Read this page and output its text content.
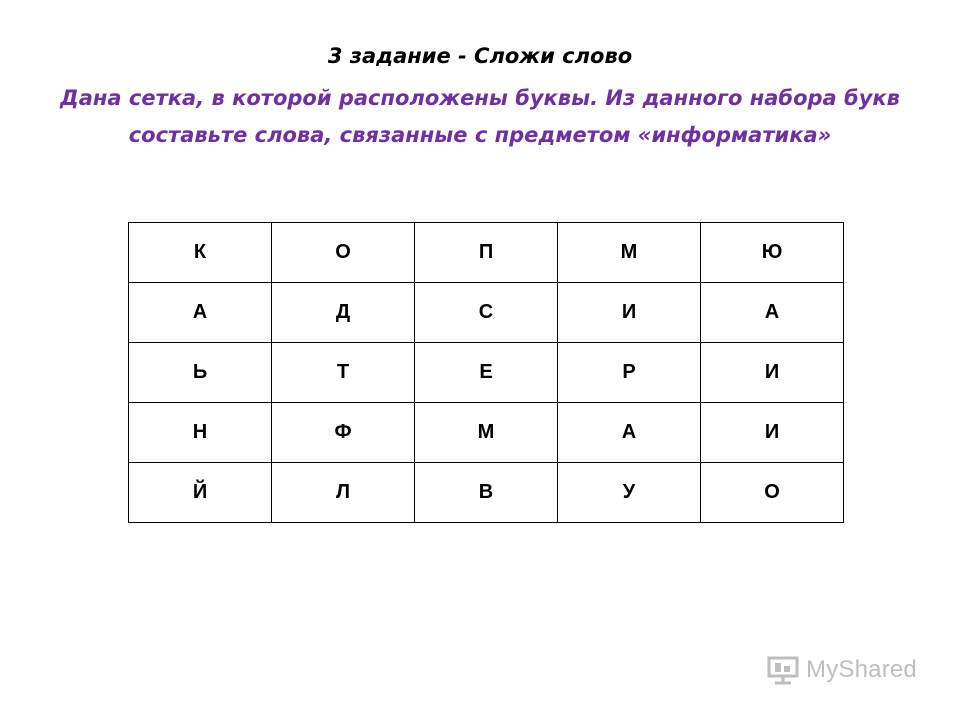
3 задание - Сложи слово
Дана сетка, в которой расположены буквы. Из данного набора букв составьте слова, связанные с предметом «информатика»
К	О	П	М	Ю
А	Д	С	И	А
Ь	Т	Е	Р	И
Н	Ф	М	А	И
Й	Л	В	У	О
MyShared
